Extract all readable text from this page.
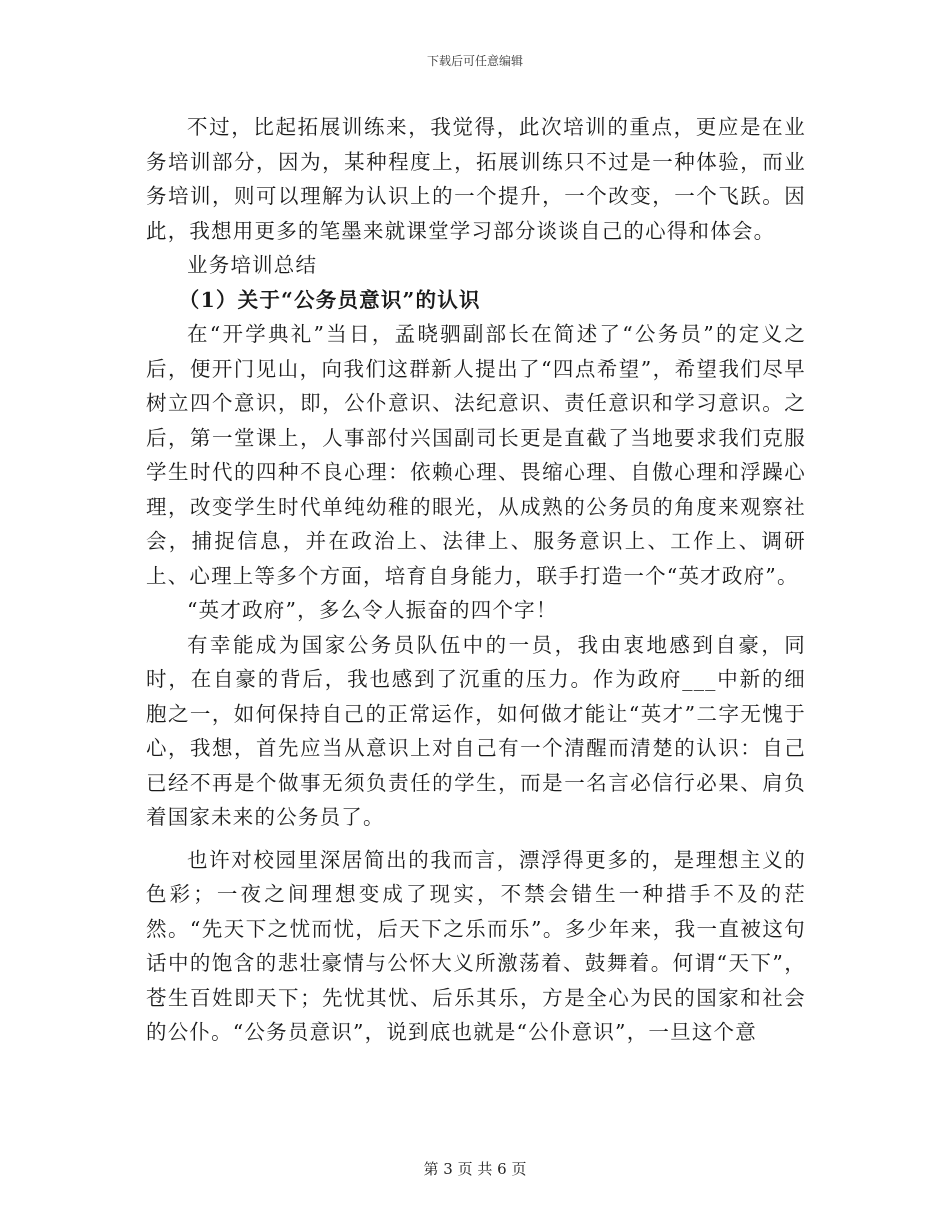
下载后可任意编辑

不过，比起拓展训练来，我觉得，此次培训的重点，更应是在业务培训部分，因为，某种程度上，拓展训练只不过是一种体验，而业务培训，则可以理解为认识上的一个提升，一个改变，一个飞跃。因此，我想用更多的笔墨来就课堂学习部分谈谈自己的心得和体会。

业务培训总结

（1）关于“公务员意识”的认识

在“开学典礼”当日，孟晓驷副部长在简述了“公务员”的定义之后，便开门见山，向我们这群新人提出了“四点希望”，希望我们尽早树立四个意识，即，公仆意识、法纪意识、责任意识和学习意识。之后，第一堂课上，人事部付兴国副司长更是直截了当地要求我们克服学生时代的四种不良心理：依赖心理、畏缩心理、自傲心理和浮躁心理，改变学生时代单纯幼稚的眼光，从成熟的公务员的角度来观察社会，捕捉信息，并在政治上、法律上、服务意识上、工作上、调研上、心理上等多个方面，培育自身能力，联手打造一个“英才政府”。

“英才政府”，多么令人振奋的四个字！

有幸能成为国家公务员队伍中的一员，我由衷地感到自豪，同时，在自豪的背后，我也感到了沉重的压力。作为政府___中新的细胞之一，如何保持自己的正常运作，如何做才能让“英才”二字无愧于心，我想，首先应当从意识上对自己有一个清醒而清楚的认识：自己已经不再是个做事无须负责任的学生，而是一名言必信行必果、肩负着国家未来的公务员了。

也许对校园里深居简出的我而言，漂浮得更多的，是理想主义的色彩；一夜之间理想变成了现实，不禁会错生一种措手不及的茫然。“先天下之忧而忧，后天下之乐而乐”。多少年来，我一直被这句话中的饱含的悲壮豪情与公怀大义所激荡着、鼓舞着。何谓“天下”，苍生百姓即天下；先忧其忧、后乐其乐，方是全心为民的国家和社会的公仆。“公务员意识”，说到底也就是“公仆意识”，一旦这个意

第 3 页 共 6 页
